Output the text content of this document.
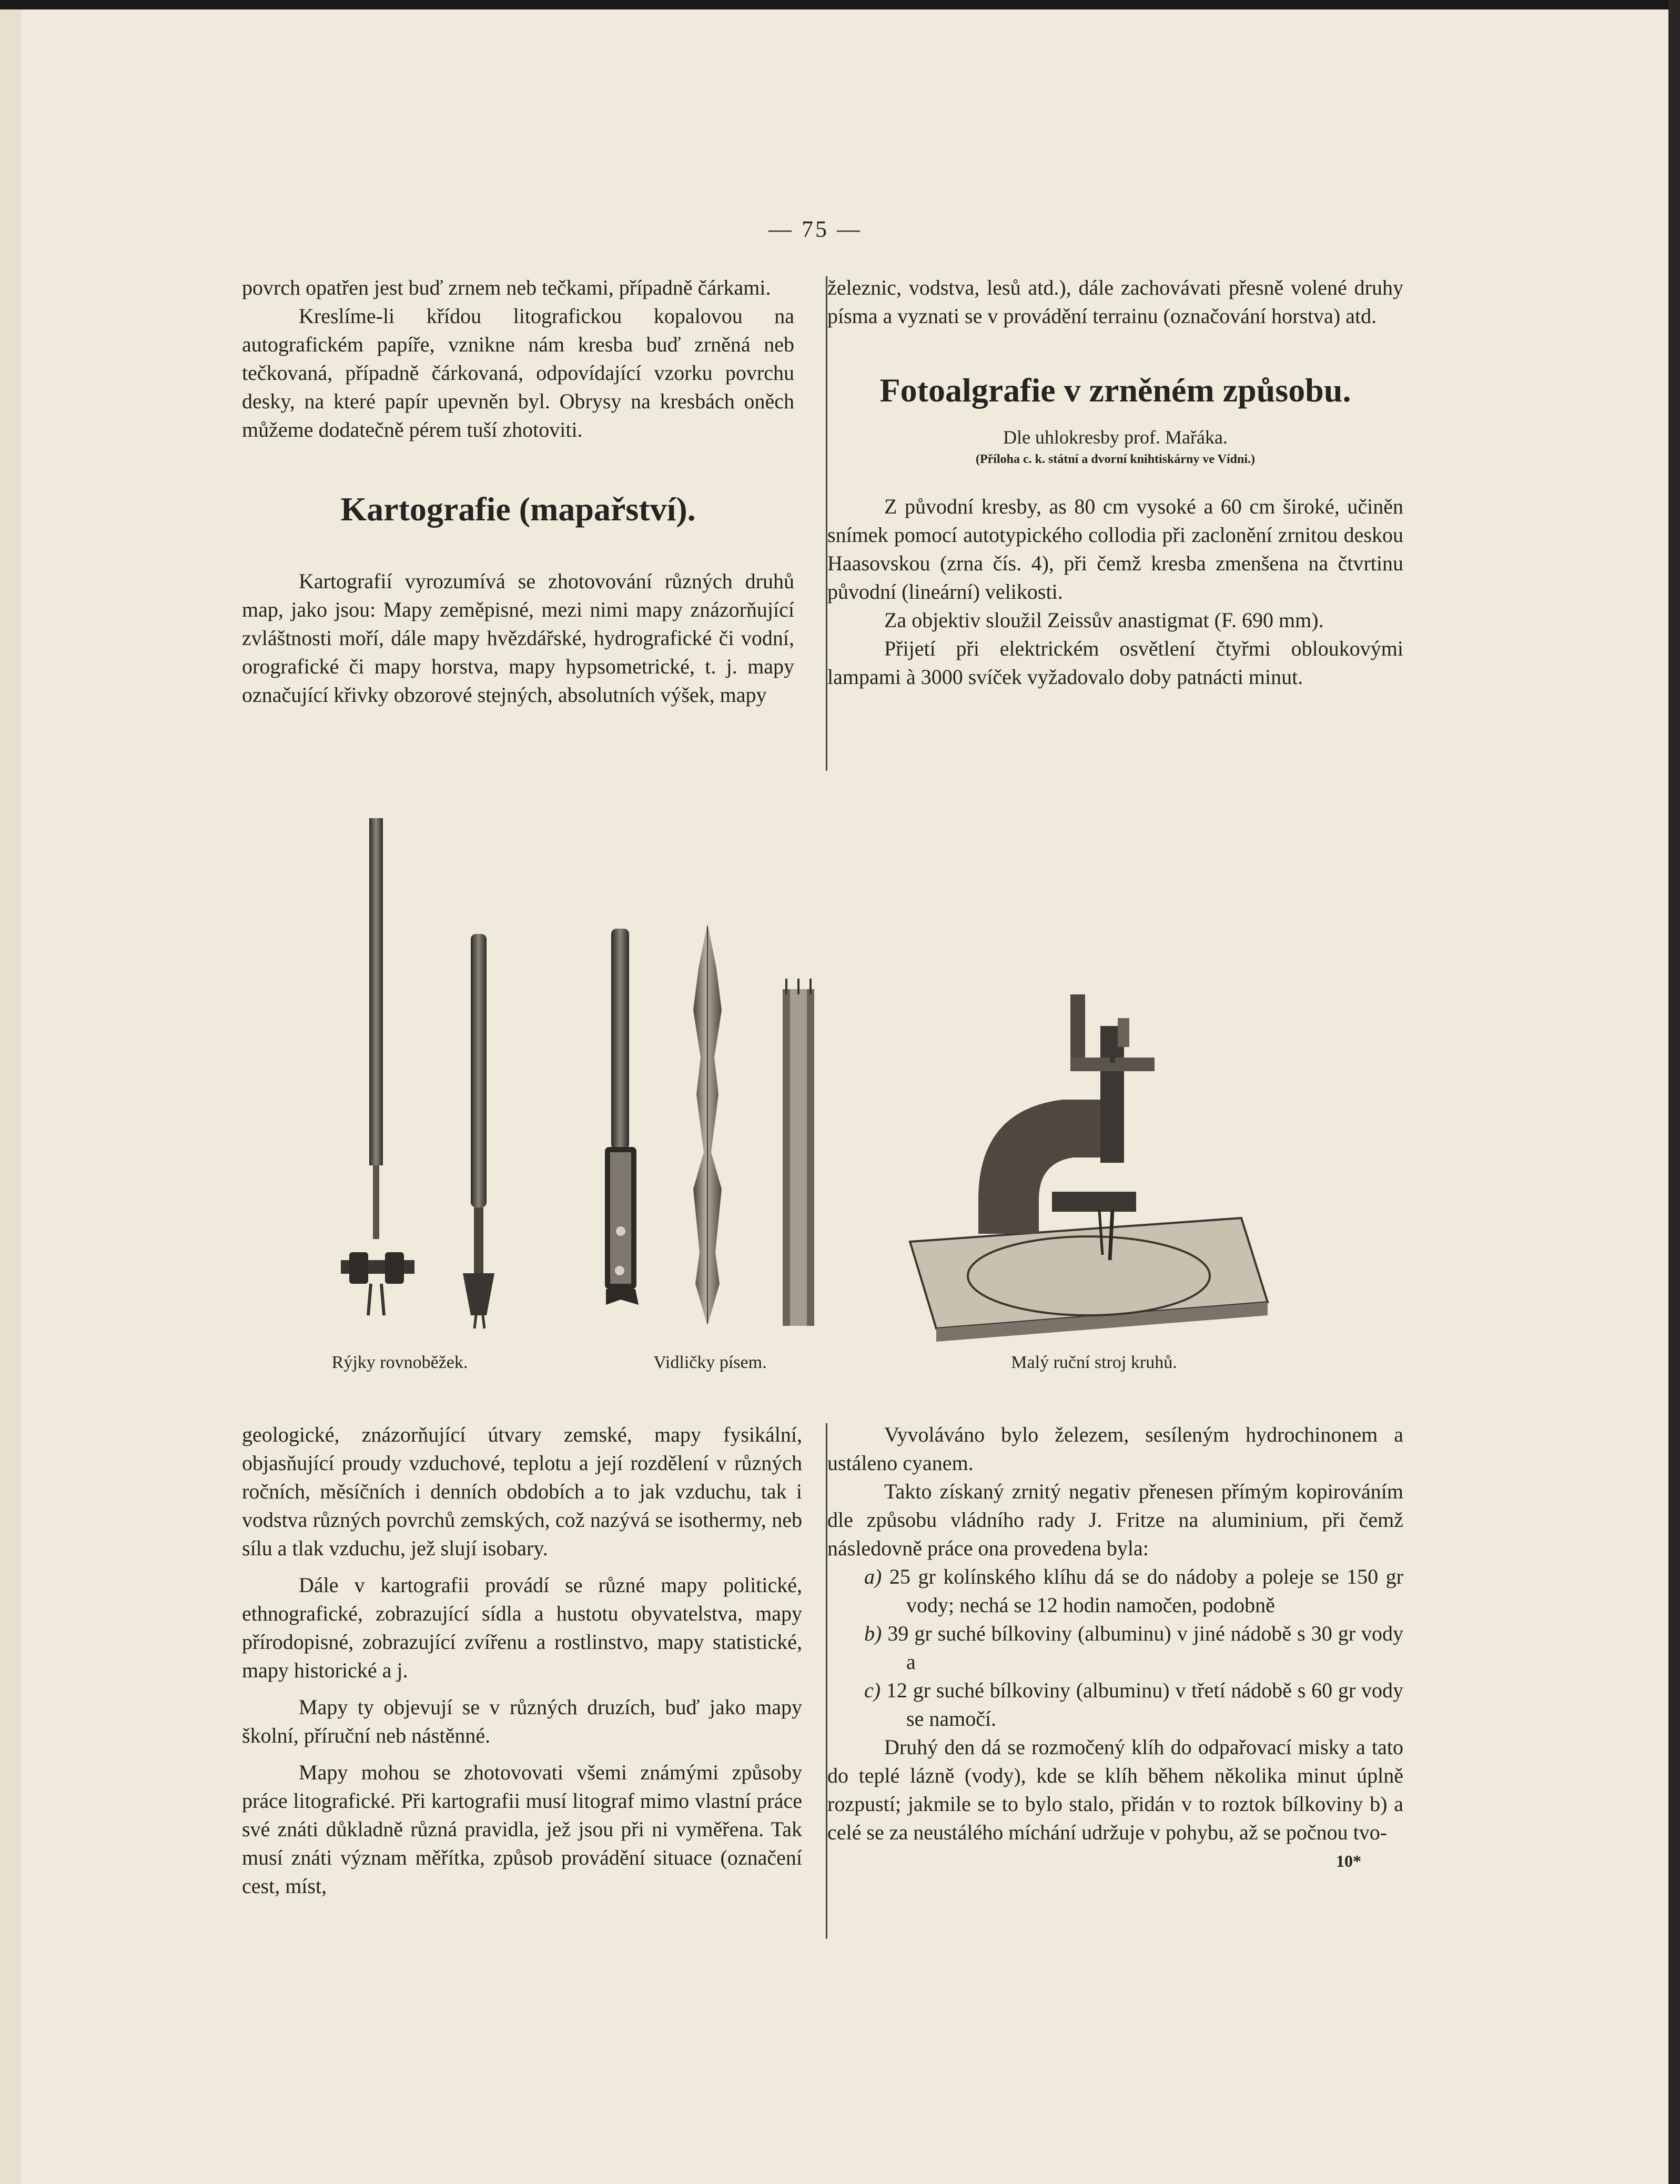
— 75 —

povrch opatřen jest buď zrnem neb tečkami, případně čárkami.

Kreslíme-li křídou litografickou kopalovou na autografickém papíře, vznikne nám kresba buď zrněná neb tečkovaná, případně čárkovaná, odpovídající vzorku povrchu desky, na které papír upevněn byl. Obrysy na kresbách oněch můžeme dodatečně pérem tuší zhotoviti.

Kartografie (mapařství).

Kartografií vyrozumívá se zhotovování různých druhů map, jako jsou: Mapy zeměpisné, mezi nimi mapy znázorňující zvláštnosti moří, dále mapy hvězdářské, hydrografické či vodní, orografické či mapy horstva, mapy hypsometrické, t. j. mapy označující křivky obzorové stejných, absolutních výšek, mapy

železnic, vodstva, lesů atd.), dále zachovávati přesně volené druhy písma a vyznati se v provádění terrainu (označování horstva) atd.

Fotoalgrafie v zrněném způsobu.

Dle uhlokresby prof. Mařáka.

(Příloha c. k. státní a dvorní knihtiskárny ve Vídni.)

Z původní kresby, as 80 cm vysoké a 60 cm široké, učiněn snímek pomocí autotypického collodia při zaclonění zrnitou deskou Haasovskou (zrna čís. 4), při čemž kresba zmenšena na čtvrtinu původní (lineární) velikosti.

Za objektiv sloužil Zeissův anastigmat (F. 690 mm).

Přijetí při elektrickém osvětlení čtyřmi obloukovými lampami à 3000 svíček vyžadovalo doby patnácti minut.

Rýjky rovnoběžek.	Vidličky písem.	Malý ruční stroj kruhů.

geologické, znázorňující útvary zemské, mapy fysikální, objasňující proudy vzduchové, teplotu a její rozdělení v různých ročních, měsíčních i denních obdobích a to jak vzduchu, tak i vodstva různých povrchů zemských, což nazývá se isothermy, neb sílu a tlak vzduchu, jež slují isobary.

Dále v kartografii provádí se různé mapy politické, ethnografické, zobrazující sídla a hustotu obyvatelstva, mapy přírodopisné, zobrazující zvířenu a rostlinstvo, mapy statistické, mapy historické a j.

Mapy ty objevují se v různých druzích, buď jako mapy školní, příruční neb nástěnné.

Mapy mohou se zhotovovati všemi známými způsoby práce litografické. Při kartografii musí litograf mimo vlastní práce své znáti důkladně různá pravidla, jež jsou při ni vyměřena. Tak musí znáti význam měřítka, způsob provádění situace (označení cest, míst,

Vyvoláváno bylo železem, sesíleným hydrochinonem a ustáleno cyanem.

Takto získaný zrnitý negativ přenesen přímým kopirováním dle způsobu vládního rady J. Fritze na aluminium, při čemž následovně práce ona provedena byla:

a) 25 gr kolínského klíhu dá se do nádoby a poleje se 150 gr vody; nechá se 12 hodin namočen, podobně

b) 39 gr suché bílkoviny (albuminu) v jiné nádobě s 30 gr vody a

c) 12 gr suché bílkoviny (albuminu) v třetí nádobě s 60 gr vody se namočí.

Druhý den dá se rozmočený klíh do odpařovací misky a tato do teplé lázně (vody), kde se klíh během několika minut úplně rozpustí; jakmile se to bylo stalo, přidán v to roztok bílkoviny b) a celé se za neustálého míchání udržuje v pohybu, až se počnou tvo-

10*
